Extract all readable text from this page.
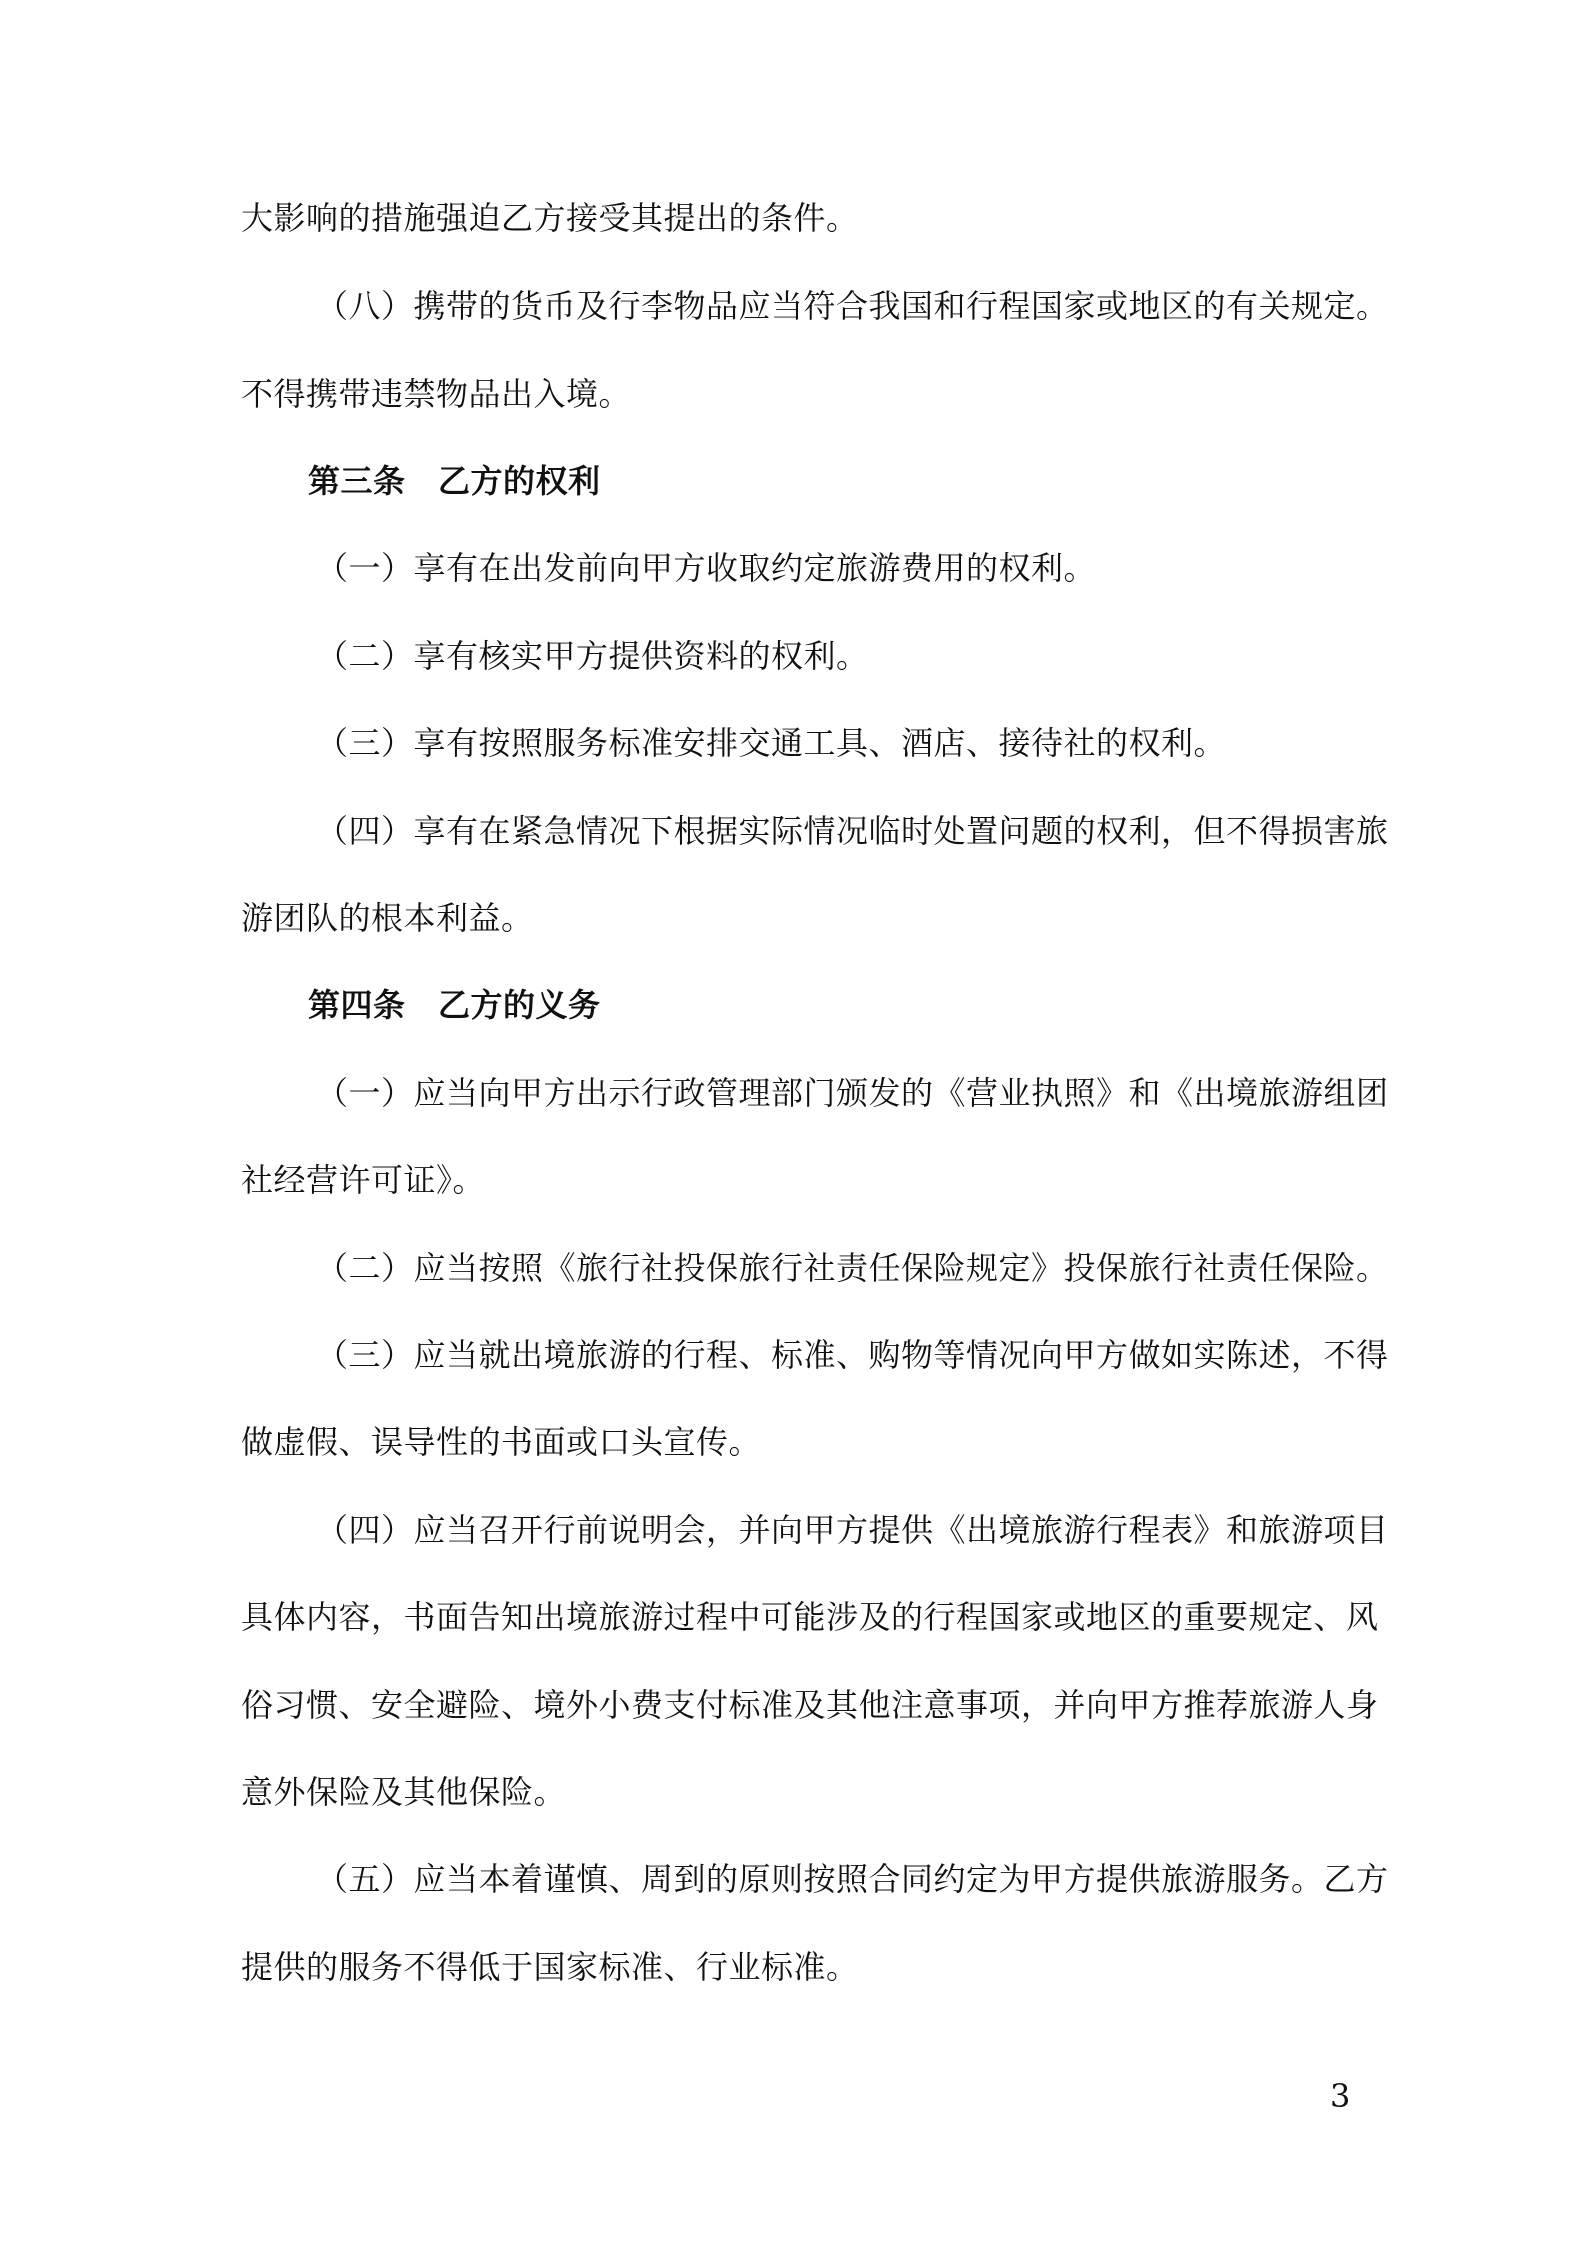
大影响的措施强迫乙方接受其提出的条件。
（八）携带的货币及行李物品应当符合我国和行程国家或地区的有关规定。
不得携带违禁物品出入境。
第三条　乙方的权利
（一）享有在出发前向甲方收取约定旅游费用的权利。
（二）享有核实甲方提供资料的权利。
（三）享有按照服务标准安排交通工具、酒店、接待社的权利。
（四）享有在紧急情况下根据实际情况临时处置问题的权利，但不得损害旅
游团队的根本利益。
第四条　乙方的义务
（一）应当向甲方出示行政管理部门颁发的《营业执照》和《出境旅游组团
社经营许可证》。
（二）应当按照《旅行社投保旅行社责任保险规定》投保旅行社责任保险。
（三）应当就出境旅游的行程、标准、购物等情况向甲方做如实陈述，不得
做虚假、误导性的书面或口头宣传。
（四）应当召开行前说明会，并向甲方提供《出境旅游行程表》和旅游项目
具体内容，书面告知出境旅游过程中可能涉及的行程国家或地区的重要规定、风
俗习惯、安全避险、境外小费支付标准及其他注意事项，并向甲方推荐旅游人身
意外保险及其他保险。
（五）应当本着谨慎、周到的原则按照合同约定为甲方提供旅游服务。乙方
提供的服务不得低于国家标准、行业标准。
3
